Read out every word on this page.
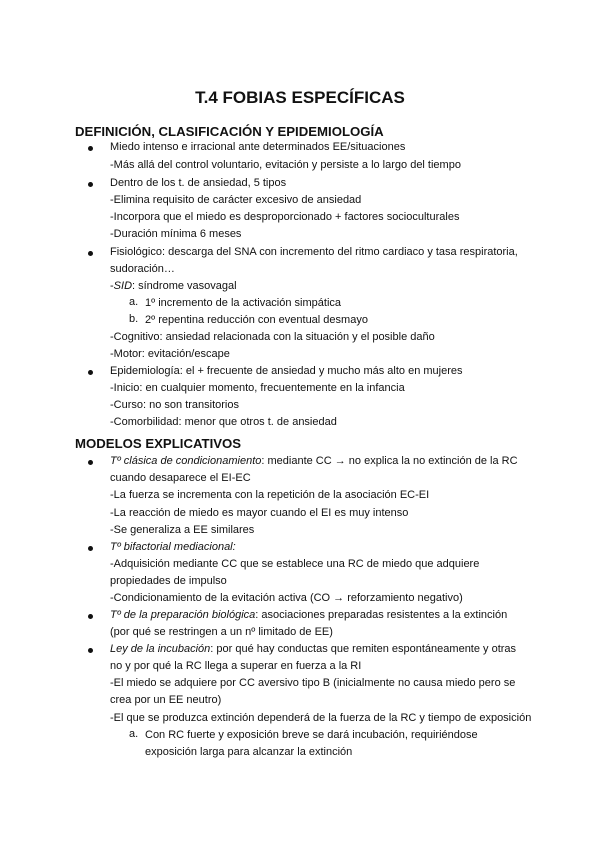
T.4 FOBIAS ESPECÍFICAS
DEFINICIÓN, CLASIFICACIÓN Y EPIDEMIOLOGÍA
Miedo intenso e irracional ante determinados EE/situaciones
-Más allá del control voluntario, evitación y persiste a lo largo del tiempo
Dentro de los t. de ansiedad, 5 tipos
-Elimina requisito de carácter excesivo de ansiedad
-Incorpora que el miedo es desproporcionado + factores socioculturales
-Duración mínima 6 meses
Fisiológico: descarga del SNA con incremento del ritmo cardiaco y tasa respiratoria,
sudoración…
-SID: síndrome vasovagal
a. 1º incremento de la activación simpática
b. 2º repentina reducción con eventual desmayo
-Cognitivo: ansiedad relacionada con la situación y el posible daño
-Motor: evitación/escape
Epidemiología: el + frecuente de ansiedad y mucho más alto en mujeres
-Inicio: en cualquier momento, frecuentemente en la infancia
-Curso: no son transitorios
-Comorbilidad: menor que otros t. de ansiedad
MODELOS EXPLICATIVOS
Tº clásica de condicionamiento: mediante CC → no explica la no extinción de la RC
cuando desaparece el EI-EC
-La fuerza se incrementa con la repetición de la asociación EC-EI
-La reacción de miedo es mayor cuando el EI es muy intenso
-Se generaliza a EE similares
Tº bifactorial mediacional:
-Adquisición mediante CC que se establece una RC de miedo que adquiere
propiedades de impulso
-Condicionamiento de la evitación activa (CO → reforzamiento negativo)
Tº de la preparación biológica: asociaciones preparadas resistentes a la extinción
(por qué se restringen a un nº limitado de EE)
Ley de la incubación: por qué hay conductas que remiten espontáneamente y otras
no y por qué la RC llega a superar en fuerza a la RI
-El miedo se adquiere por CC aversivo tipo B (inicialmente no causa miedo pero se
crea por un EE neutro)
-El que se produzca extinción dependerá de la fuerza de la RC y tiempo de exposición
a. Con RC fuerte y exposición breve se dará incubación, requiriéndose
exposición larga para alcanzar la extinción
